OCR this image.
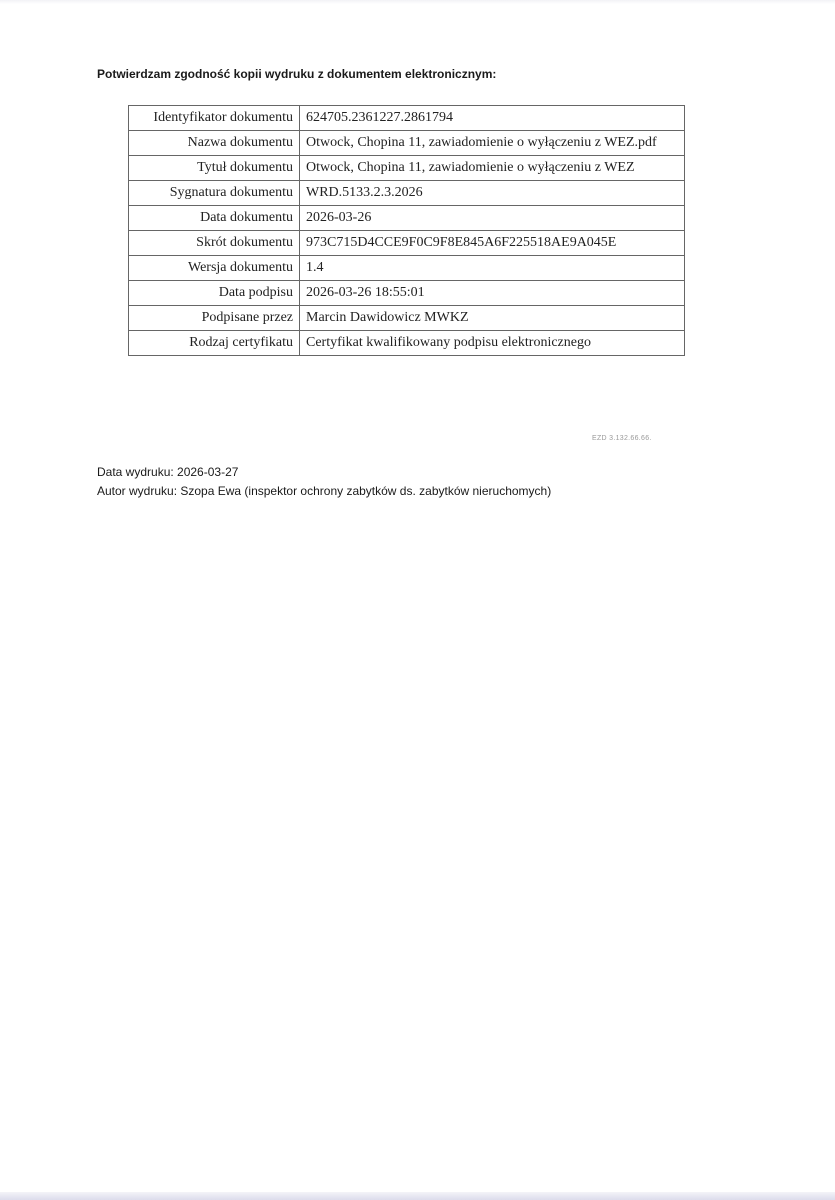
Potwierdzam zgodność kopii wydruku z dokumentem elektronicznym:
Identyfikator dokumentu	624705.2361227.2861794
Nazwa dokumentu	Otwock, Chopina 11, zawiadomienie o wyłączeniu z WEZ.pdf
Tytuł dokumentu	Otwock, Chopina 11, zawiadomienie o wyłączeniu z WEZ
Sygnatura dokumentu	WRD.5133.2.3.2026
Data dokumentu	2026-03-26
Skrót dokumentu	973C715D4CCE9F0C9F8E845A6F225518AE9A045E
Wersja dokumentu	1.4
Data podpisu	2026-03-26 18:55:01
Podpisane przez	Marcin Dawidowicz MWKZ
Rodzaj certyfikatu	Certyfikat kwalifikowany podpisu elektronicznego
EZD 3.132.66.66.
Data wydruku: 2026-03-27
Autor wydruku: Szopa Ewa (inspektor ochrony zabytków ds. zabytków nieruchomych)
